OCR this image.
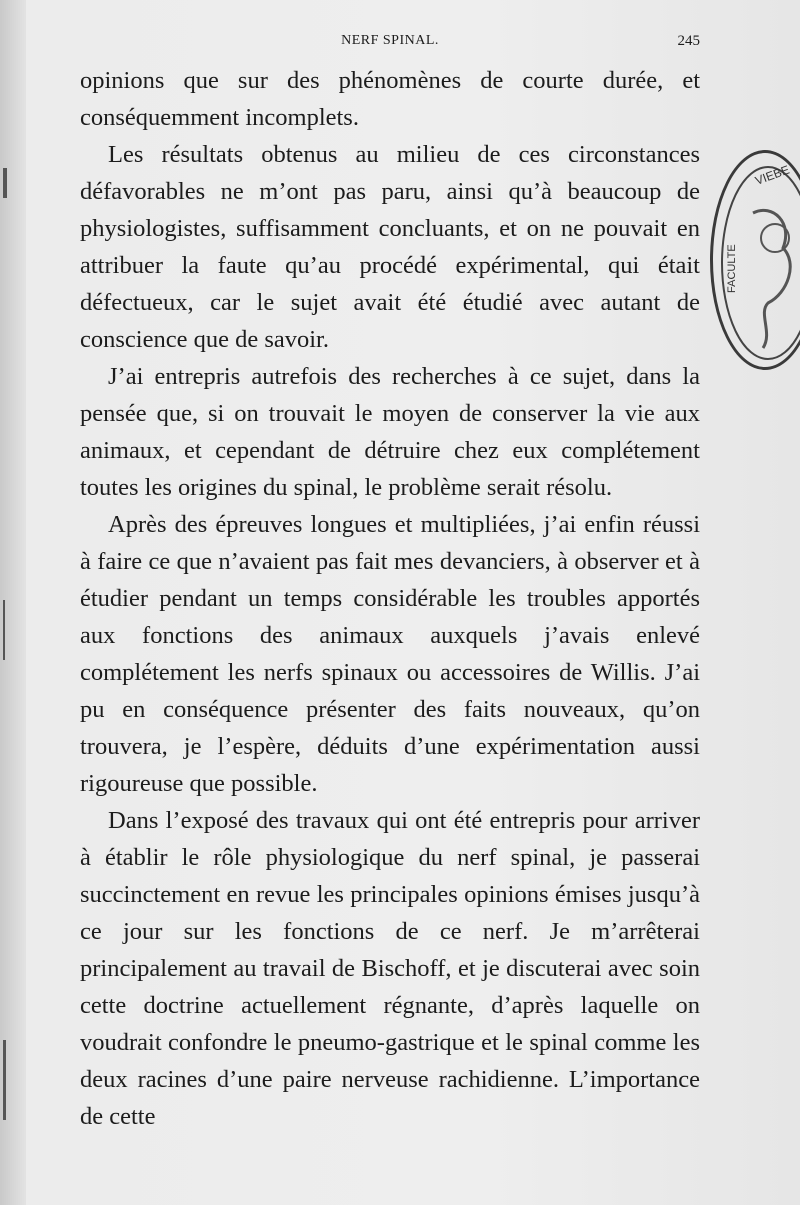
NERF SPINAL.	245

opinions que sur des phénomènes de courte durée, et conséquemment incomplets.

Les résultats obtenus au milieu de ces circonstances défavorables ne m’ont pas paru, ainsi qu’à beaucoup de physiologistes, suffisamment concluants, et on ne pouvait en attribuer la faute qu’au procédé expérimental, qui était défectueux, car le sujet avait été étudié avec autant de conscience que de savoir.

J’ai entrepris autrefois des recherches à ce sujet, dans la pensée que, si on trouvait le moyen de conserver la vie aux animaux, et cependant de détruire chez eux complétement toutes les origines du spinal, le problème serait résolu.

Après des épreuves longues et multipliées, j’ai enfin réussi à faire ce que n’avaient pas fait mes devanciers, à observer et à étudier pendant un temps considérable les troubles apportés aux fonctions des animaux auxquels j’avais enlevé complétement les nerfs spinaux ou accessoires de Willis. J’ai pu en conséquence présenter des faits nouveaux, qu’on trouvera, je l’espère, déduits d’une expérimentation aussi rigoureuse que possible.

Dans l’exposé des travaux qui ont été entrepris pour arriver à établir le rôle physiologique du nerf spinal, je passerai succinctement en revue les principales opinions émises jusqu’à ce jour sur les fonctions de ce nerf. Je m’arrêterai principalement au travail de Bischoff, et je discuterai avec soin cette doctrine actuellement régnante, d’après laquelle on voudrait confondre le pneumo-gastrique et le spinal comme les deux racines d’une paire nerveuse rachidienne. L’importance de cette

VIEBE
FACULTE
